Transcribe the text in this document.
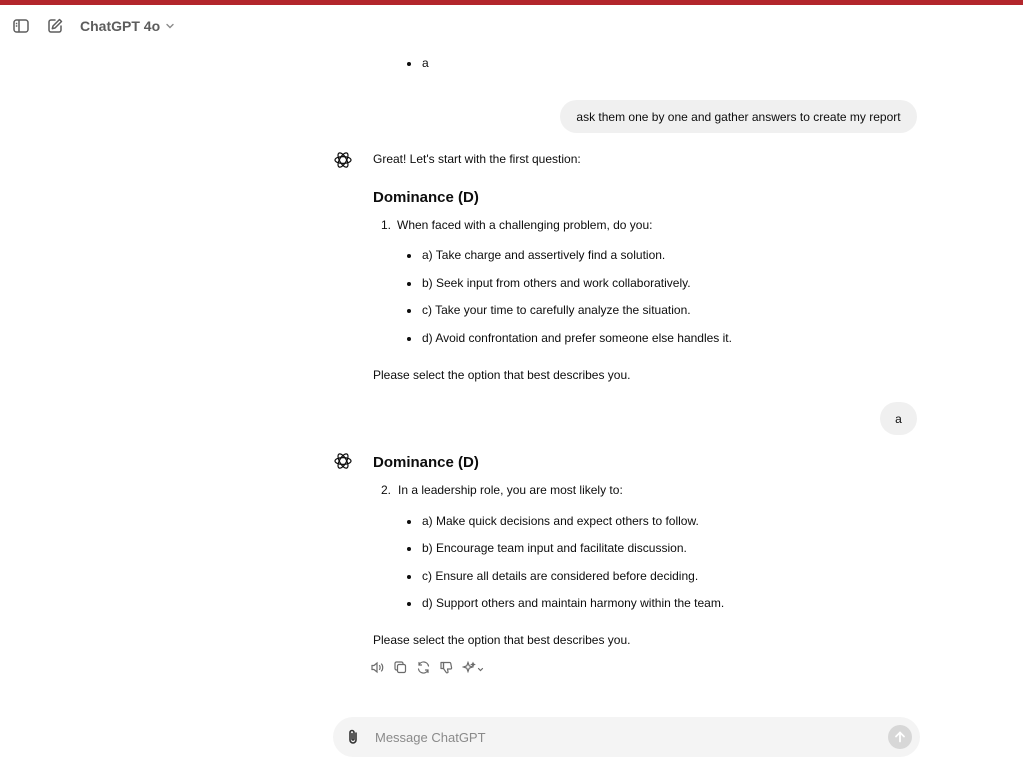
ChatGPT 4o
a
ask them one by one and gather answers to create my report
Great! Let's start with the first question:
Dominance (D)
1. When faced with a challenging problem, do you:
a) Take charge and assertively find a solution.
b) Seek input from others and work collaboratively.
c) Take your time to carefully analyze the situation.
d) Avoid confrontation and prefer someone else handles it.
Please select the option that best describes you.
a
Dominance (D)
2. In a leadership role, you are most likely to:
a) Make quick decisions and expect others to follow.
b) Encourage team input and facilitate discussion.
c) Ensure all details are considered before deciding.
d) Support others and maintain harmony within the team.
Please select the option that best describes you.
Message ChatGPT
